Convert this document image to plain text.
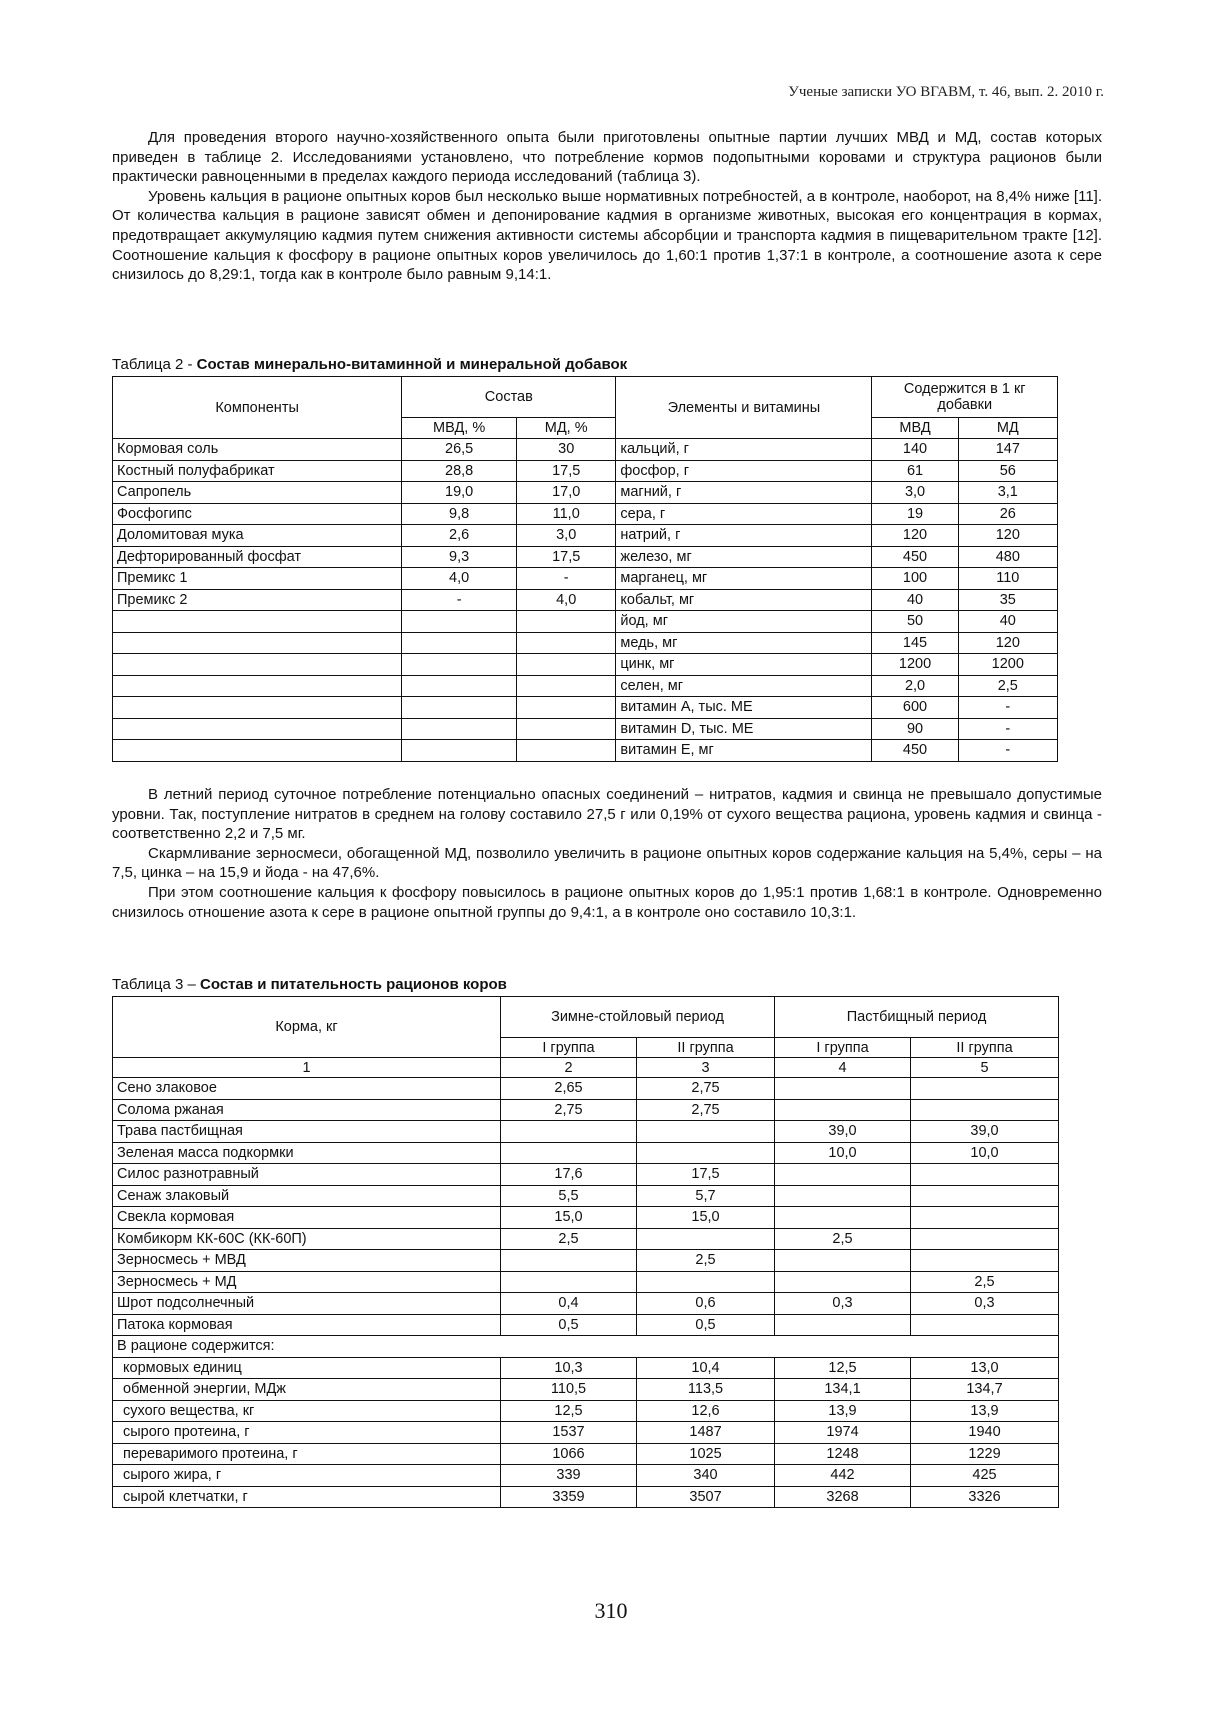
Ученые записки УО ВГАВМ, т. 46, вып. 2. 2010 г.

Для проведения второго научно-хозяйственного опыта были приготовлены опытные партии лучших МВД и МД, состав которых приведен в таблице 2. Исследованиями установлено, что потребление кормов подопытными коровами и структура рационов были практически равноценными в пределах каждого периода исследований (таблица 3).

Уровень кальция в рационе опытных коров был несколько выше нормативных потребностей, а в контроле, наоборот, на 8,4% ниже [11]. От количества кальция в рационе зависят обмен и депонирование кадмия в организме животных, высокая его концентрация в кормах, предотвращает аккумуляцию кадмия путем снижения активности системы абсорбции и транспорта кадмия в пищеварительном тракте [12]. Соотношение кальция к фосфору в рационе опытных коров увеличилось до 1,60:1 против 1,37:1 в контроле, а соотношение азота к сере снизилось до 8,29:1, тогда как в контроле было равным 9,14:1.

Таблица 2 - Состав минерально-витаминной и минеральной добавок
Компоненты	Состав		Элементы и витамины	Содержится в 1 кг добавки	
	МВД, %	МД, %		МВД	МД
Кормовая соль	26,5	30	кальций, г	140	147
Костный полуфабрикат	28,8	17,5	фосфор, г	61	56
Сапропель	19,0	17,0	магний, г	3,0	3,1
Фосфогипс	9,8	11,0	сера, г	19	26
Доломитовая мука	2,6	3,0	натрий, г	120	120
Дефторированный фосфат	9,3	17,5	железо, мг	450	480
Премикс 1	4,0	-	марганец, мг	100	110
Премикс 2	-	4,0	кобальт, мг	40	35
			йод, мг	50	40
			медь, мг	145	120
			цинк, мг	1200	1200
			селен, мг	2,0	2,5
			витамин А, тыс. МЕ	600	-
			витамин D, тыс. МЕ	90	-
			витамин Е, мг	450	-

В летний период суточное потребление потенциально опасных соединений – нитратов, кадмия и свинца не превышало допустимые уровни. Так, поступление нитратов в среднем на голову составило 27,5 г или 0,19% от сухого вещества рациона, уровень кадмия и свинца - соответственно 2,2 и 7,5 мг.

Скармливание зерносмеси, обогащенной МД, позволило увеличить в рационе опытных коров содержание кальция на 5,4%, серы – на 7,5, цинка – на 15,9 и йода - на 47,6%.

При этом соотношение кальция к фосфору повысилось в рационе опытных коров до 1,95:1 против 1,68:1 в контроле. Одновременно снизилось отношение азота к сере в рационе опытной группы до 9,4:1, а в контроле оно составило 10,3:1.

Таблица 3 – Состав и питательность рационов коров
Корма, кг	Зимне-стойловый период		Пастбищный период	
	I группа	II группа	I группа	II группа
1	2	3	4	5
Сено злаковое	2,65	2,75		
Солома ржаная	2,75	2,75		
Трава пастбищная			39,0	39,0
Зеленая масса подкормки			10,0	10,0
Силос разнотравный	17,6	17,5		
Сенаж злаковый	5,5	5,7		
Свекла кормовая	15,0	15,0		
Комбикорм КК-60С (КК-60П)	2,5		2,5	
Зерносмесь + МВД		2,5		
Зерносмесь + МД				2,5
Шрот подсолнечный	0,4	0,6	0,3	0,3
Патока кормовая	0,5	0,5		
В рационе содержится:				
кормовых единиц	10,3	10,4	12,5	13,0
обменной энергии, МДж	110,5	113,5	134,1	134,7
сухого вещества, кг	12,5	12,6	13,9	13,9
сырого протеина, г	1537	1487	1974	1940
переваримого протеина, г	1066	1025	1248	1229
сырого жира, г	339	340	442	425
сырой клетчатки, г	3359	3507	3268	3326
310
